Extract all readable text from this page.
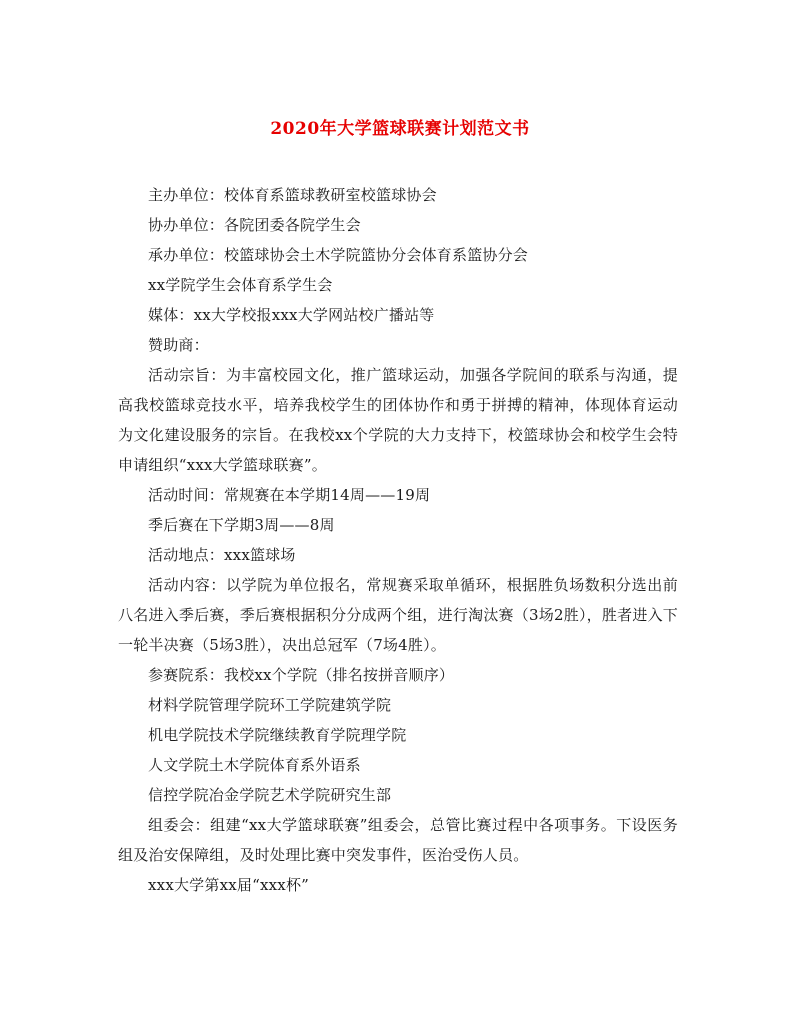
2020年大学篮球联赛计划范文书

主办单位：校体育系篮球教研室校篮球协会

协办单位：各院团委各院学生会

承办单位：校篮球协会土木学院篮协分会体育系篮协分会

xx学院学生会体育系学生会

媒体：xx大学校报xxx大学网站校广播站等

赞助商：

活动宗旨：为丰富校园文化，推广篮球运动，加强各学院间的联系与沟通，提高我校篮球竞技水平，培养我校学生的团体协作和勇于拼搏的精神，体现体育运动为文化建设服务的宗旨。在我校xx个学院的大力支持下，校篮球协会和校学生会特申请组织“xxx大学篮球联赛”。

活动时间：常规赛在本学期14周——19周

季后赛在下学期3周——8周

活动地点：xxx篮球场

活动内容：以学院为单位报名，常规赛采取单循环，根据胜负场数积分选出前八名进入季后赛，季后赛根据积分分成两个组，进行淘汰赛（3场2胜），胜者进入下一轮半决赛（5场3胜），决出总冠军（7场4胜）。

参赛院系：我校xx个学院（排名按拼音顺序）

材料学院管理学院环工学院建筑学院

机电学院技术学院继续教育学院理学院

人文学院土木学院体育系外语系

信控学院冶金学院艺术学院研究生部

组委会：组建“xx大学篮球联赛”组委会，总管比赛过程中各项事务。下设医务组及治安保障组，及时处理比赛中突发事件，医治受伤人员。

xxx大学第xx届“xxx杯”
